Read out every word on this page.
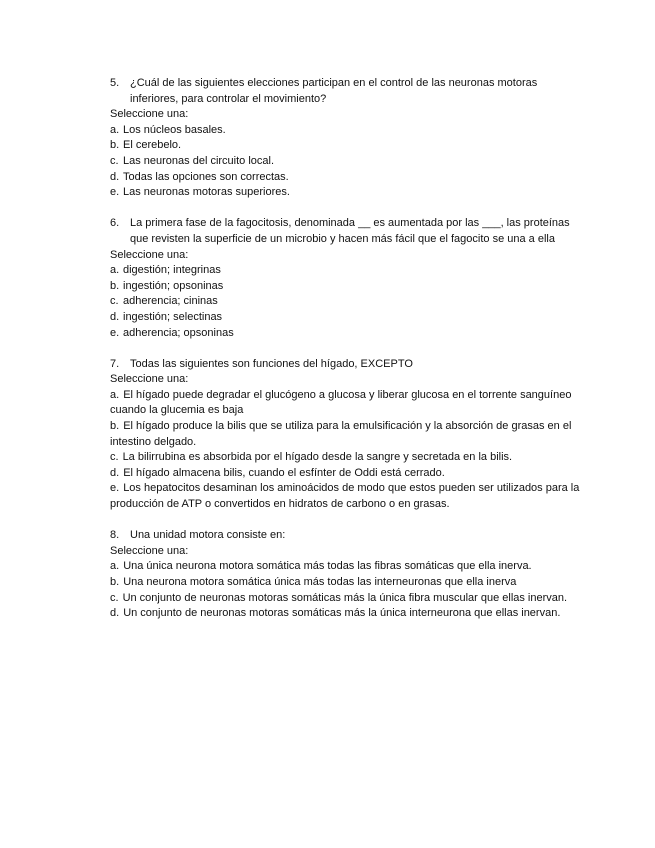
5. ¿Cuál de las siguientes elecciones participan en el control de las neuronas motoras inferiores, para controlar el movimiento?

Seleccione una:

a. Los núcleos basales.
b. El cerebelo.
c. Las neuronas del circuito local.
d. Todas las opciones son correctas.
e. Las neuronas motoras superiores.
6. La primera fase de la fagocitosis, denominada __ es aumentada por las ___, las proteínas que revisten la superficie de un microbio y hacen más fácil que el fagocito se una a ella

Seleccione una:

a. digestión; integrinas
b. ingestión; opsoninas
c. adherencia; cininas
d. ingestión; selectinas
e. adherencia; opsoninas
7. Todas las siguientes son funciones del hígado, EXCEPTO

Seleccione una:

a. El hígado puede degradar el glucógeno a glucosa y liberar glucosa en el torrente sanguíneo cuando la glucemia es baja
b. El hígado produce la bilis que se utiliza para la emulsificación y la absorción de grasas en el intestino delgado.
c. La bilirrubina es absorbida por el hígado desde la sangre y secretada en la bilis.
d. El hígado almacena bilis, cuando el esfínter de Oddi está cerrado.
e. Los hepatocitos desaminan los aminoácidos de modo que estos pueden ser utilizados para la producción de ATP o convertidos en hidratos de carbono o en grasas.
8. Una unidad motora consiste en:

Seleccione una:

a. Una única neurona motora somática más todas las fibras somáticas que ella inerva.
b. Una neurona motora somática única más todas las interneuronas que ella inerva
c. Un conjunto de neuronas motoras somáticas más la única fibra muscular que ellas inervan.
d. Un conjunto de neuronas motoras somáticas más la única interneurona que ellas inervan.
